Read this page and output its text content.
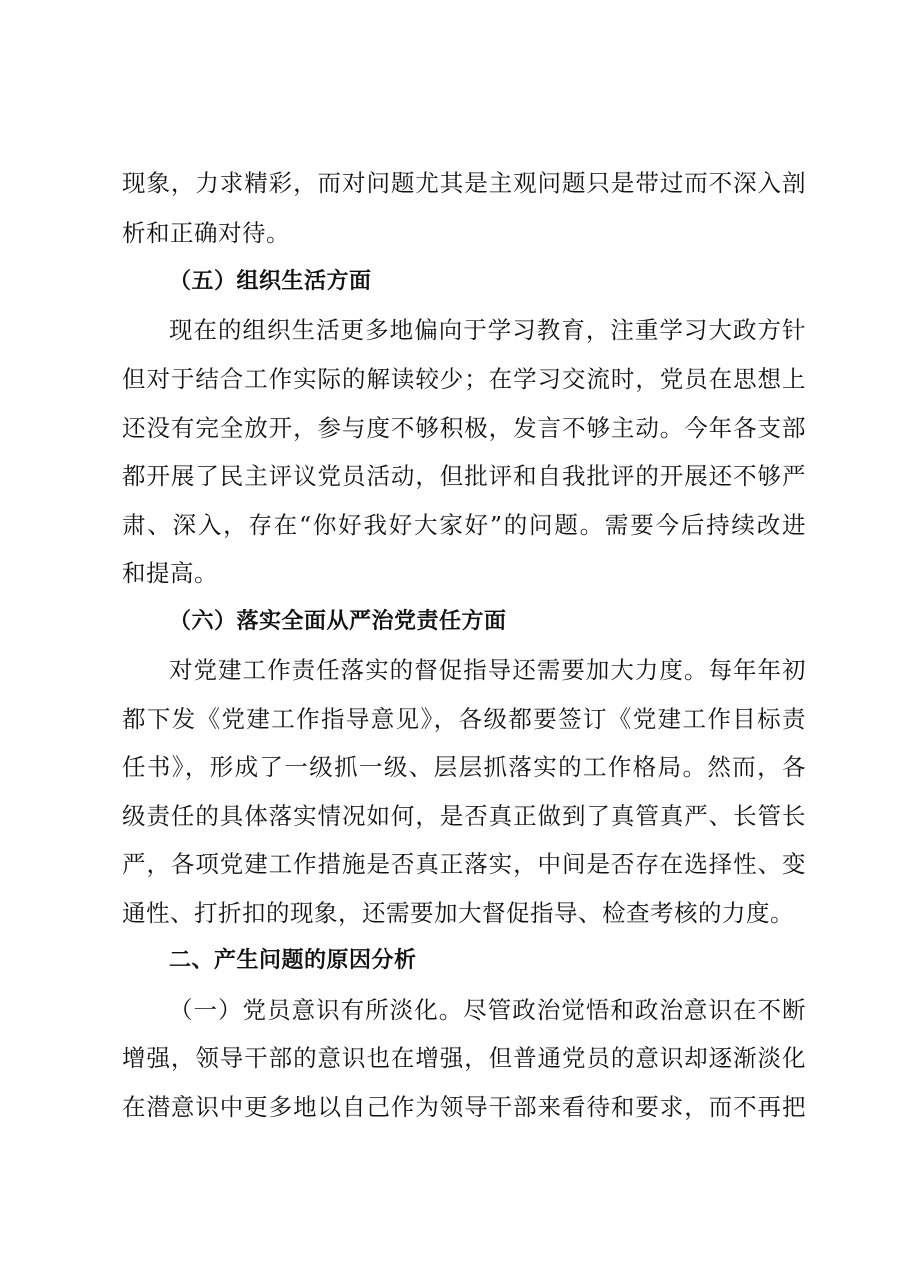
现象，力求精彩，而对问题尤其是主观问题只是带过而不深入剖
析和正确对待。
（五）组织生活方面
现在的组织生活更多地偏向于学习教育，注重学习大政方针
但对于结合工作实际的解读较少；在学习交流时，党员在思想上
还没有完全放开，参与度不够积极，发言不够主动。今年各支部
都开展了民主评议党员活动，但批评和自我批评的开展还不够严
肃、深入，存在“你好我好大家好”的问题。需要今后持续改进
和提高。
（六）落实全面从严治党责任方面
对党建工作责任落实的督促指导还需要加大力度。每年年初
都下发《党建工作指导意见》，各级都要签订《党建工作目标责
任书》，形成了一级抓一级、层层抓落实的工作格局。然而，各
级责任的具体落实情况如何，是否真正做到了真管真严、长管长
严，各项党建工作措施是否真正落实，中间是否存在选择性、变
通性、打折扣的现象，还需要加大督促指导、检查考核的力度。
二、产生问题的原因分析
（一）党员意识有所淡化。尽管政治觉悟和政治意识在不断
增强，领导干部的意识也在增强，但普通党员的意识却逐渐淡化
在潜意识中更多地以自己作为领导干部来看待和要求，而不再把
